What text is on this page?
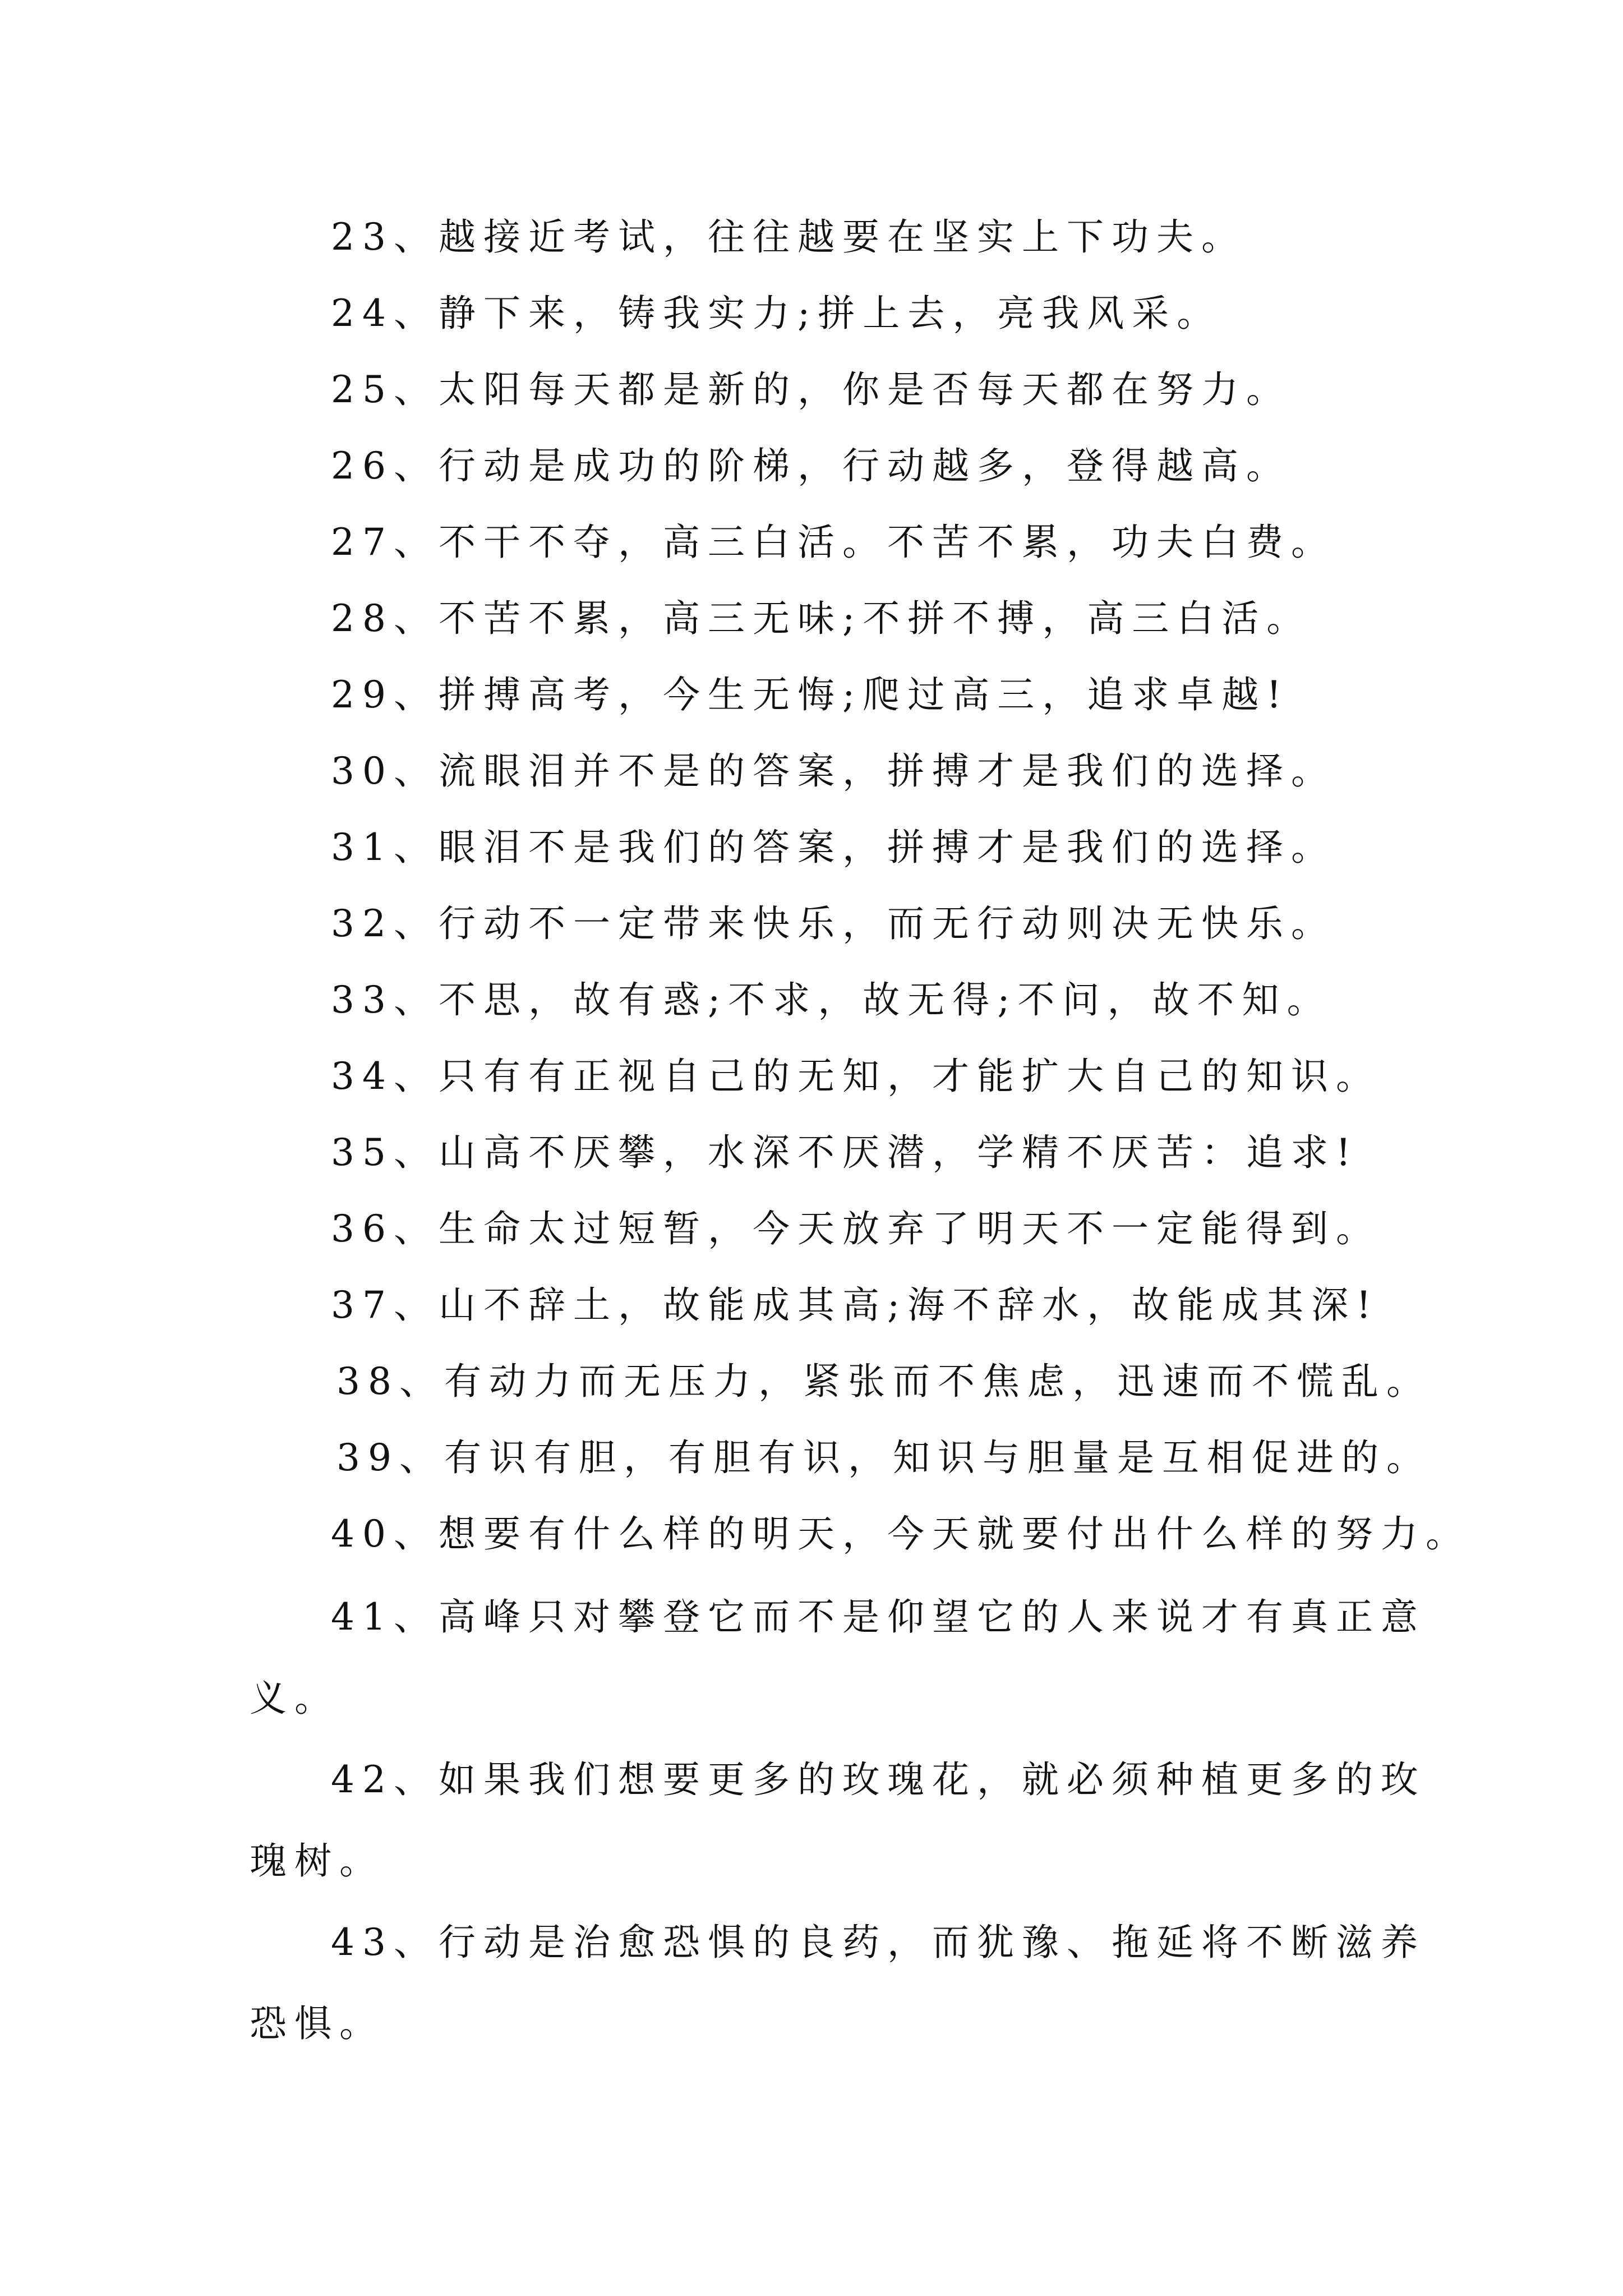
23、越接近考试，往往越要在坚实上下功夫。
24、静下来，铸我实力;拼上去，亮我风采。
25、太阳每天都是新的，你是否每天都在努力。
26、行动是成功的阶梯，行动越多，登得越高。
27、不干不夺，高三白活。不苦不累，功夫白费。
28、不苦不累，高三无味;不拼不搏，高三白活。
29、拼搏高考，今生无悔;爬过高三，追求卓越!
30、流眼泪并不是的答案，拼搏才是我们的选择。
31、眼泪不是我们的答案，拼搏才是我们的选择。
32、行动不一定带来快乐，而无行动则决无快乐。
33、不思，故有惑;不求，故无得;不问，故不知。
34、只有有正视自己的无知，才能扩大自己的知识。
35、山高不厌攀，水深不厌潜，学精不厌苦：追求!
36、生命太过短暂，今天放弃了明天不一定能得到。
37、山不辞土，故能成其高;海不辞水，故能成其深!
38、有动力而无压力，紧张而不焦虑，迅速而不慌乱。
39、有识有胆，有胆有识，知识与胆量是互相促进的。
40、想要有什么样的明天，今天就要付出什么样的努力。
41、高峰只对攀登它而不是仰望它的人来说才有真正意
义。
42、如果我们想要更多的玫瑰花，就必须种植更多的玫
瑰树。
43、行动是治愈恐惧的良药，而犹豫、拖延将不断滋养
恐惧。
